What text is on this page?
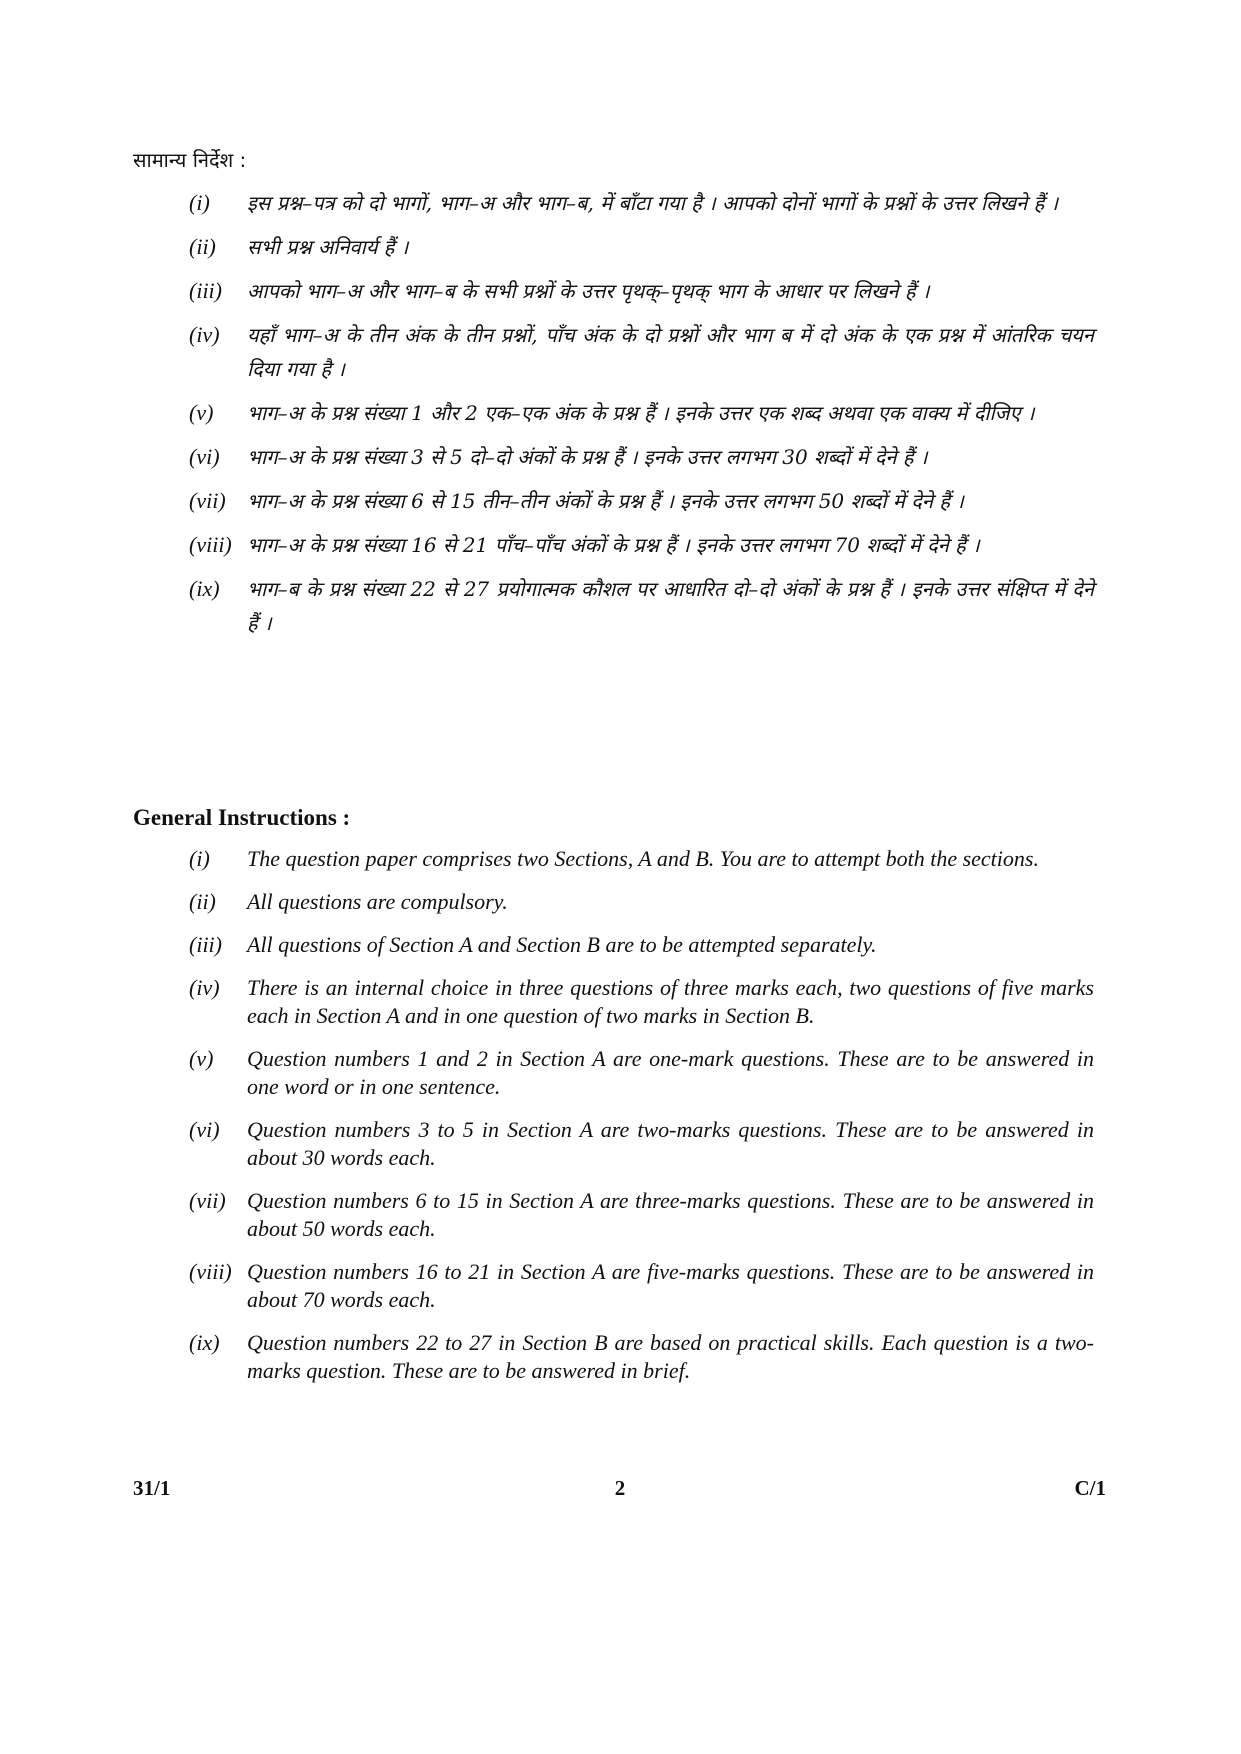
सामान्य निर्देश :
(i)	इस प्रश्न–पत्र को दो भागों, भाग–अ और भाग–ब, में बाँटा गया है । आपको दोनों भागों के प्रश्नों के उत्तर लिखने हैं ।
(ii)	सभी प्रश्न अनिवार्य हैं ।
(iii)	आपको भाग–अ और भाग–ब के सभी प्रश्नों के उत्तर पृथक्–पृथक् भाग के आधार पर लिखने हैं ।
(iv)	यहाँ भाग–अ के तीन अंक के तीन प्रश्नों, पाँच अंक के दो प्रश्नों और भाग ब में दो अंक के एक प्रश्न में आंतरिक चयन दिया गया है ।
(v)	भाग–अ के प्रश्न संख्या 1 और 2 एक–एक अंक के प्रश्न हैं । इनके उत्तर एक शब्द अथवा एक वाक्य में दीजिए ।
(vi)	भाग–अ के प्रश्न संख्या 3 से 5 दो–दो अंकों के प्रश्न हैं । इनके उत्तर लगभग 30 शब्दों में देने हैं ।
(vii)	भाग–अ के प्रश्न संख्या 6 से 15 तीन–तीन अंकों के प्रश्न हैं । इनके उत्तर लगभग 50 शब्दों में देने हैं ।
(viii) भाग–अ के प्रश्न संख्या 16 से 21 पाँच–पाँच अंकों के प्रश्न हैं । इनके उत्तर लगभग 70 शब्दों में देने हैं ।
(ix)	भाग–ब के प्रश्न संख्या 22 से 27 प्रयोगात्मक कौशल पर आधारित दो–दो अंकों के प्रश्न हैं । इनके उत्तर संक्षिप्त में देने हैं ।
General Instructions :
(i)	The question paper comprises two Sections, A and B. You are to attempt both the sections.
(ii)	All questions are compulsory.
(iii)	All questions of Section A and Section B are to be attempted separately.
(iv)	There is an internal choice in three questions of three marks each, two questions of five marks each in Section A and in one question of two marks in Section B.
(v)	Question numbers 1 and 2 in Section A are one-mark questions. These are to be answered in one word or in one sentence.
(vi)	Question numbers 3 to 5 in Section A are two-marks questions. These are to be answered in about 30 words each.
(vii) Question numbers 6 to 15 in Section A are three-marks questions. These are to be answered in about 50 words each.
(viii) Question numbers 16 to 21 in Section A are five-marks questions. These are to be answered in about 70 words each.
(ix)	Question numbers 22 to 27 in Section B are based on practical skills. Each question is a two-marks question. These are to be answered in brief.
31/1	2	C/1
